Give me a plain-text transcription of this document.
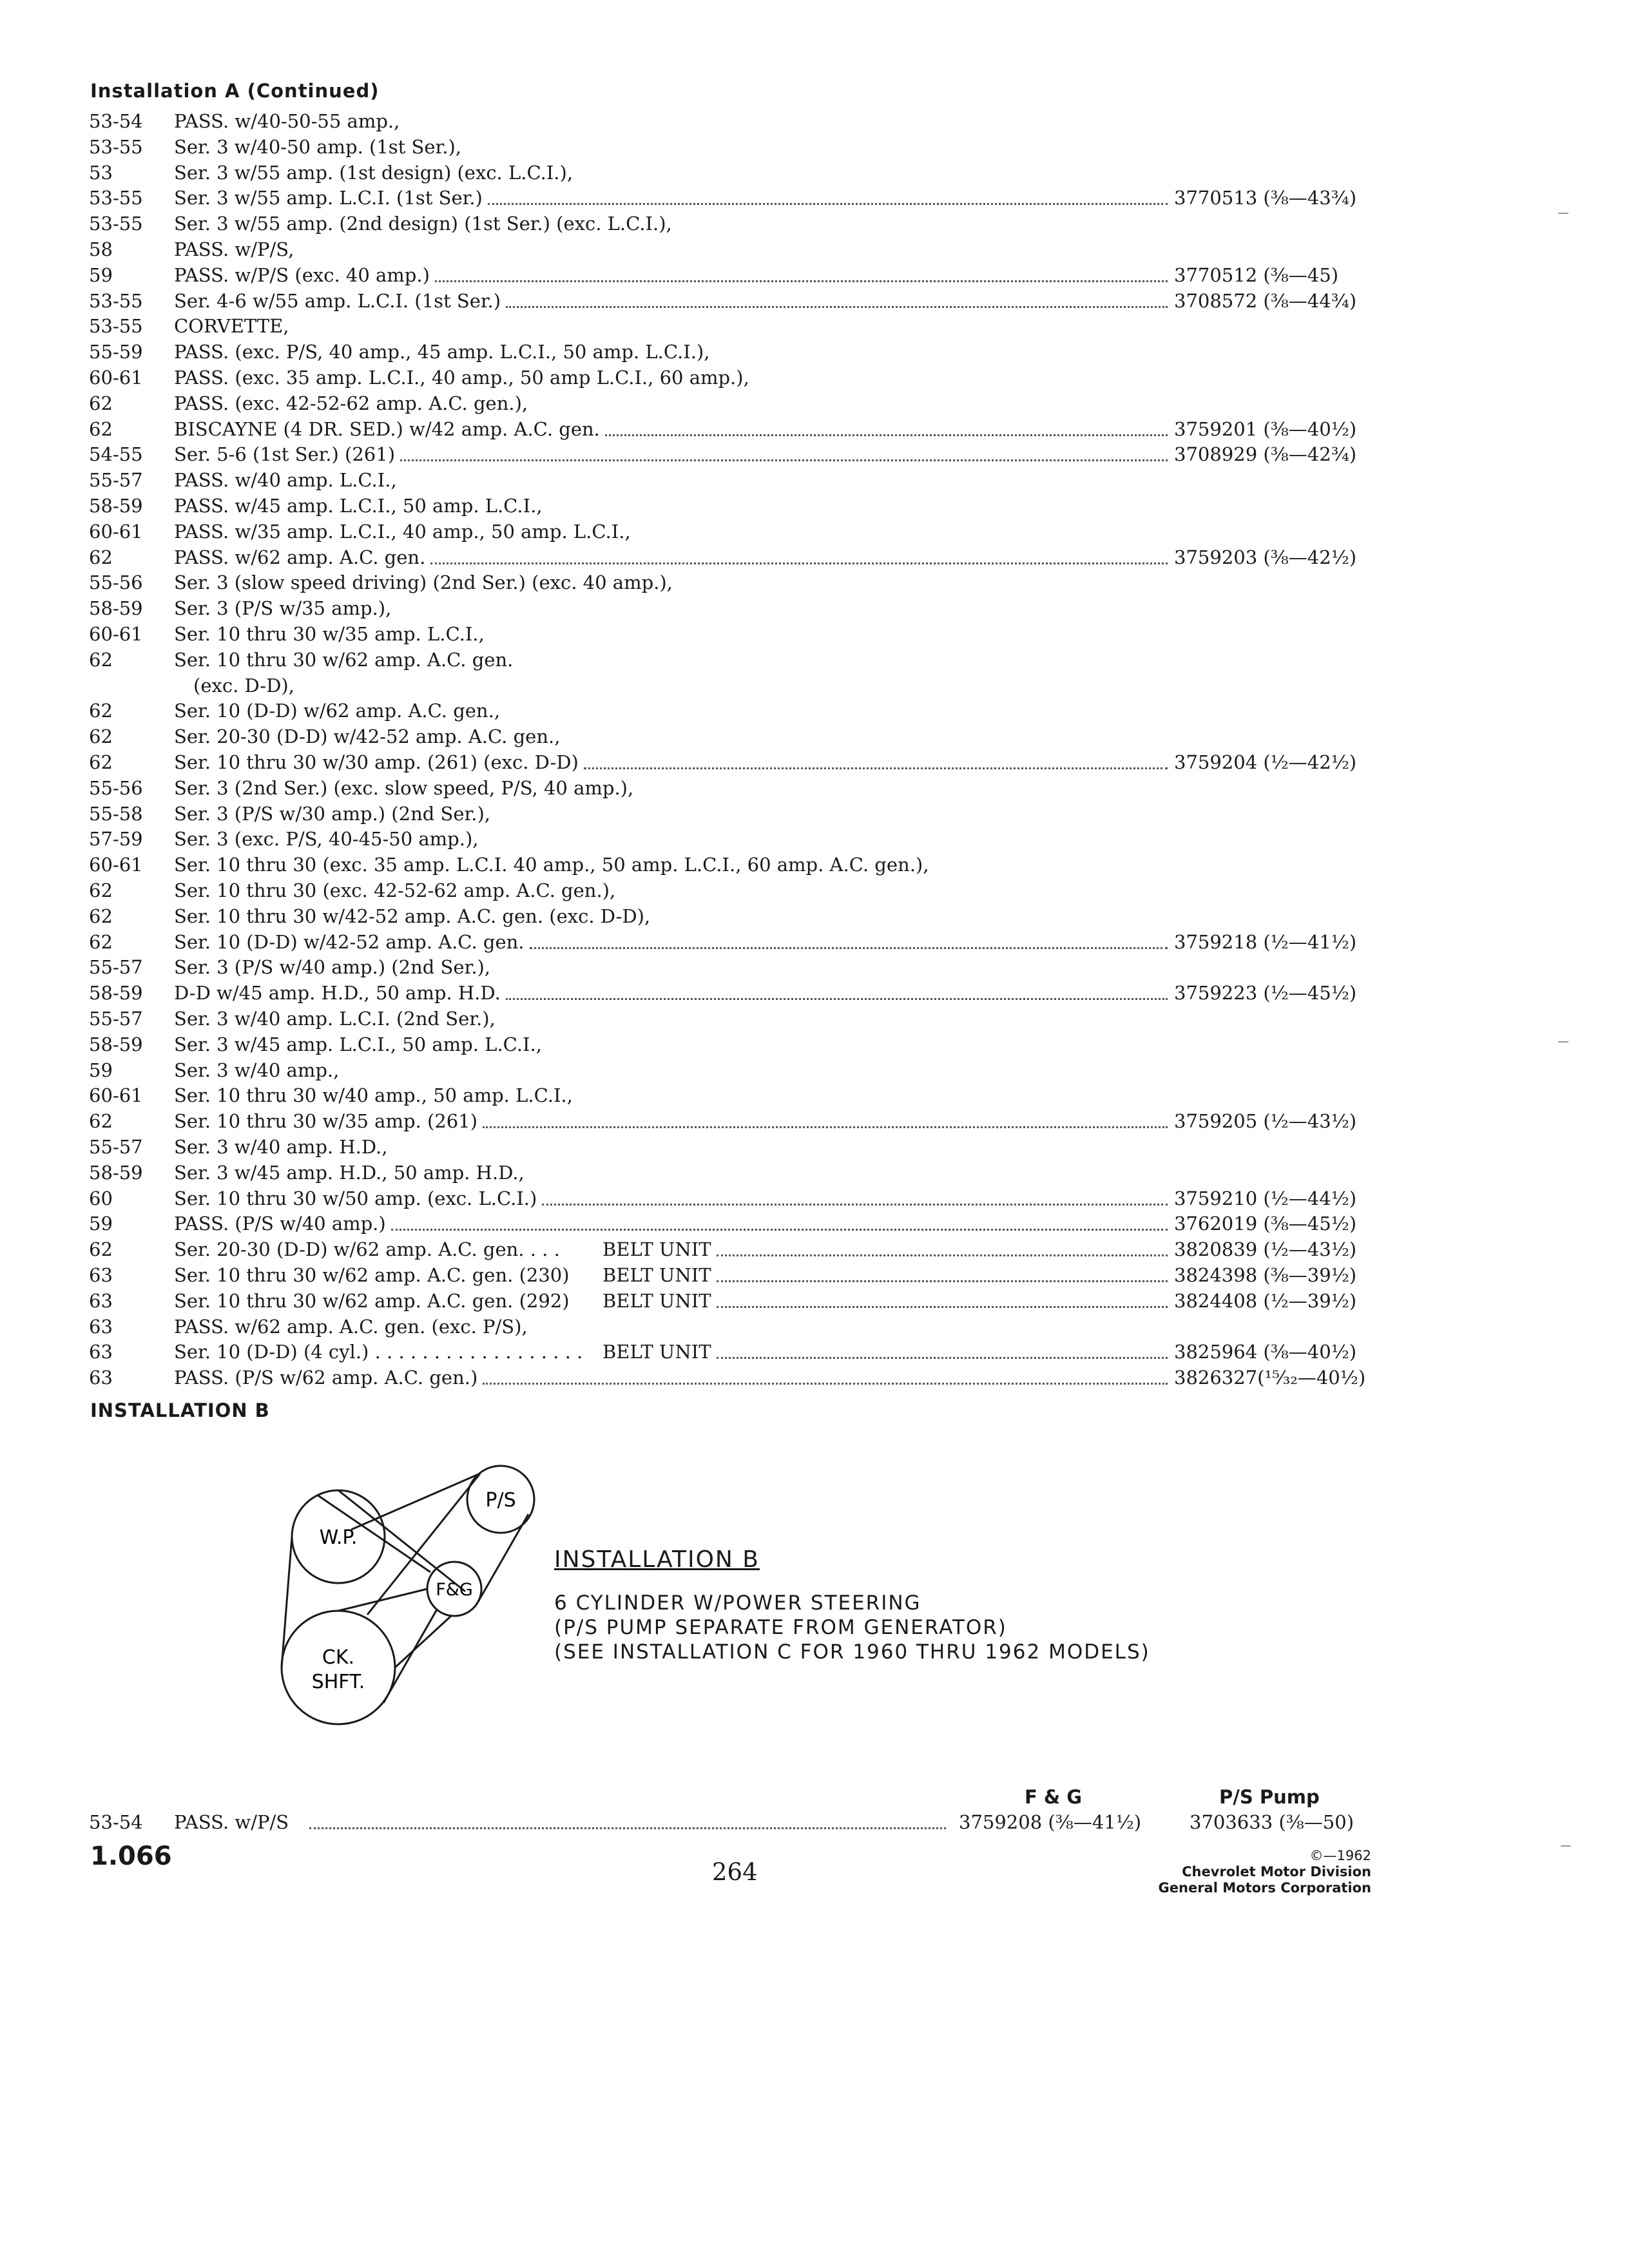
Installation A (Continued)
53-54 PASS. w/40-50-55 amp.,
53-55 Ser. 3 w/40-50 amp. (1st Ser.),
53	Ser. 3 w/55 amp. (1st design) (exc. L.C.I.),
53-55 Ser. 3 w/55 amp. L.C.I. (1st Ser.)	3770513 (⅜—43¾)
53-55 Ser. 3 w/55 amp. (2nd design) (1st Ser.) (exc. L.C.I.),
58	PASS. w/P/S,
59	PASS. w/P/S (exc. 40 amp.)	3770512 (⅜—45)
53-55 Ser. 4-6 w/55 amp. L.C.I. (1st Ser.)	3708572 (⅜—44¾)
53-55 CORVETTE,
55-59 PASS. (exc. P/S, 40 amp., 45 amp. L.C.I., 50 amp. L.C.I.),
60-61 PASS. (exc. 35 amp. L.C.I., 40 amp., 50 amp L.C.I., 60 amp.),
62	PASS. (exc. 42-52-62 amp. A.C. gen.),
62	BISCAYNE (4 DR. SED.) w/42 amp. A.C. gen.	3759201 (⅜—40½)
54-55 Ser. 5-6 (1st Ser.) (261)	3708929 (⅜—42¾)
55-57 PASS. w/40 amp. L.C.I.,
58-59 PASS. w/45 amp. L.C.I., 50 amp. L.C.I.,
60-61 PASS. w/35 amp. L.C.I., 40 amp., 50 amp. L.C.I.,
62	PASS. w/62 amp. A.C. gen.	3759203 (⅜—42½)
55-56 Ser. 3 (slow speed driving) (2nd Ser.) (exc. 40 amp.),
58-59 Ser. 3 (P/S w/35 amp.),
60-61 Ser. 10 thru 30 w/35 amp. L.C.I.,
62	Ser. 10 thru 30 w/62 amp. A.C. gen.
(exc. D-D),
62	Ser. 10 (D-D) w/62 amp. A.C. gen.,
62	Ser. 20-30 (D-D) w/42-52 amp. A.C. gen.,
62	Ser. 10 thru 30 w/30 amp. (261) (exc. D-D)	3759204 (½—42½)
55-56 Ser. 3 (2nd Ser.) (exc. slow speed, P/S, 40 amp.),
55-58 Ser. 3 (P/S w/30 amp.) (2nd Ser.),
57-59 Ser. 3 (exc. P/S, 40-45-50 amp.),
60-61 Ser. 10 thru 30 (exc. 35 amp. L.C.I. 40 amp., 50 amp. L.C.I., 60 amp. A.C. gen.),
62	Ser. 10 thru 30 (exc. 42-52-62 amp. A.C. gen.),
62	Ser. 10 thru 30 w/42-52 amp. A.C. gen. (exc. D-D),
62	Ser. 10 (D-D) w/42-52 amp. A.C. gen.	3759218 (½—41½)
55-57 Ser. 3 (P/S w/40 amp.) (2nd Ser.),
58-59 D-D w/45 amp. H.D., 50 amp. H.D.	3759223 (½—45½)
55-57 Ser. 3 w/40 amp. L.C.I. (2nd Ser.),
58-59 Ser. 3 w/45 amp. L.C.I., 50 amp. L.C.I.,
59	Ser. 3 w/40 amp.,
60-61 Ser. 10 thru 30 w/40 amp., 50 amp. L.C.I.,
62	Ser. 10 thru 30 w/35 amp. (261)	3759205 (½—43½)
55-57 Ser. 3 w/40 amp. H.D.,
58-59 Ser. 3 w/45 amp. H.D., 50 amp. H.D.,
60	Ser. 10 thru 30 w/50 amp. (exc. L.C.I.)	3759210 (½—44½)
59	PASS. (P/S w/40 amp.)	3762019 (⅜—45½)
62	Ser. 20-30 (D-D) w/62 amp. A.C. gen. . . . BELT UNIT	3820839 (½—43½)
63	Ser. 10 thru 30 w/62 amp. A.C. gen. (230) BELT UNIT	3824398 (⅜—39½)
63	Ser. 10 thru 30 w/62 amp. A.C. gen. (292) BELT UNIT	3824408 (½—39½)
63	PASS. w/62 amp. A.C. gen. (exc. P/S),
63	Ser. 10 (D-D) (4 cyl.) . . . . . . . . . . . . . . . . . . BELT UNIT	3825964 (⅜—40½)
63	PASS. (P/S w/62 amp. A.C. gen.)	3826327(¹⁵⁄₃₂—40½)
INSTALLATION B
W.P.
P/S
F&G
CK.
SHFT.
INSTALLATION B
6 CYLINDER W/POWER STEERING
(P/S PUMP SEPARATE FROM GENERATOR)
(SEE INSTALLATION C FOR 1960 THRU 1962 MODELS)
F & G	P/S Pump
53-54 PASS. w/P/S	3759208 (⅜—41½)	3703633 (⅜—50)
1.066
264
©—1962
Chevrolet Motor Division
General Motors Corporation
